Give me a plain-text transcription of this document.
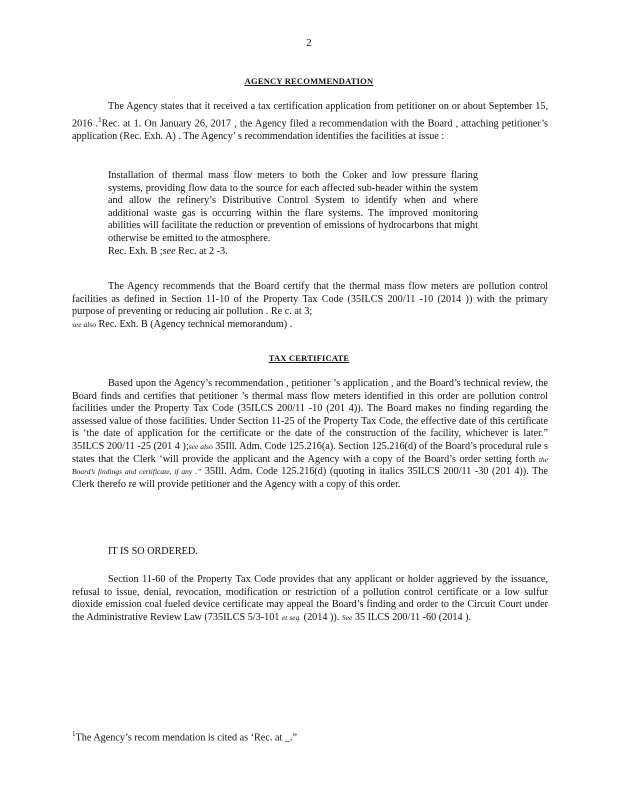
2
AGENCY RECOMMENDATION

The Agency states that it received a tax certification application from petitioner on or about September 15, 2016 .$^1$Rec. at 1. On January 26, 2017 , the Agency filed a recommendation with the Board , attaching petitioner’s application (Rec. Exh. A) . The Agency’ s recommendation identifies the facilities at issue :

Installation of thermal mass flow meters to both the Coker and low pressure flaring systems, providing flow data to the source for each affected sub-header within the system and allow the refinery’s Distributive Control System to identify when and where additional waste gas is occurring within the flare systems. The improved monitoring abilities will facilitate the reduction or prevention of emissions of hydrocarbons that might otherwise be emitted to the atmosphere.
Rec. Exh. B ;see Rec. at 2 -3.

The Agency recommends that the Board certify that the thermal mass flow meters are pollution control facilities as defined in Section 11-10 of the Property Tax Code (35ILCS 200/11 -10 (2014 )) with the primary purpose of preventing or reducing air pollution . Re c. at 3;
see also Rec. Exh. B (Agency technical memorandum) .

TAX CERTIFICATE

Based upon the Agency’s recommendation , petitioner ’s application , and the Board’s technical review, the Board finds and certifies that petitioner ’s thermal mass flow meters identified in this order are pollution control facilities under the Property Tax Code (35ILCS 200/11 -10 (201 4)). The Board makes no finding regarding the assessed value of those facilities. Under Section 11-25 of the Property Tax Code, the effective date of this certificate is ‘the date of application for the certificate or the date of the construction of the facility, whichever is later.” 35ILCS 200/11 -25 (201 4 );see also 35Ill. Adm. Code 125.216(a). Section 125.216(d) of the Board’s procedural rule s states that the Clerk ‘will provide the applicant and the Agency with a copy of the Board’s order setting forth the Board’s findings and certificate, if any .” 35Ill. Adm. Code 125.216(d) (quoting in italics 35ILCS 200/11 -30 (201 4)). The Clerk therefo re will provide petitioner and the Agency with a copy of this order.

IT IS SO ORDERED.

Section 11-60 of the Property Tax Code provides that any applicant or holder aggrieved by the issuance, refusal to issue, denial, revocation, modification or restriction of a pollution control certificate or a low sulfur dioxide emission coal fueled device certificate may appeal the Board’s finding and order to the Circuit Court under the Administrative Review Law (735ILCS 5/3-101 et seq. (2014 )). See 35 ILCS 200/11 -60 (2014 ).

$^1$The Agency’s recom mendation is cited as ‘Rec. at _.”
